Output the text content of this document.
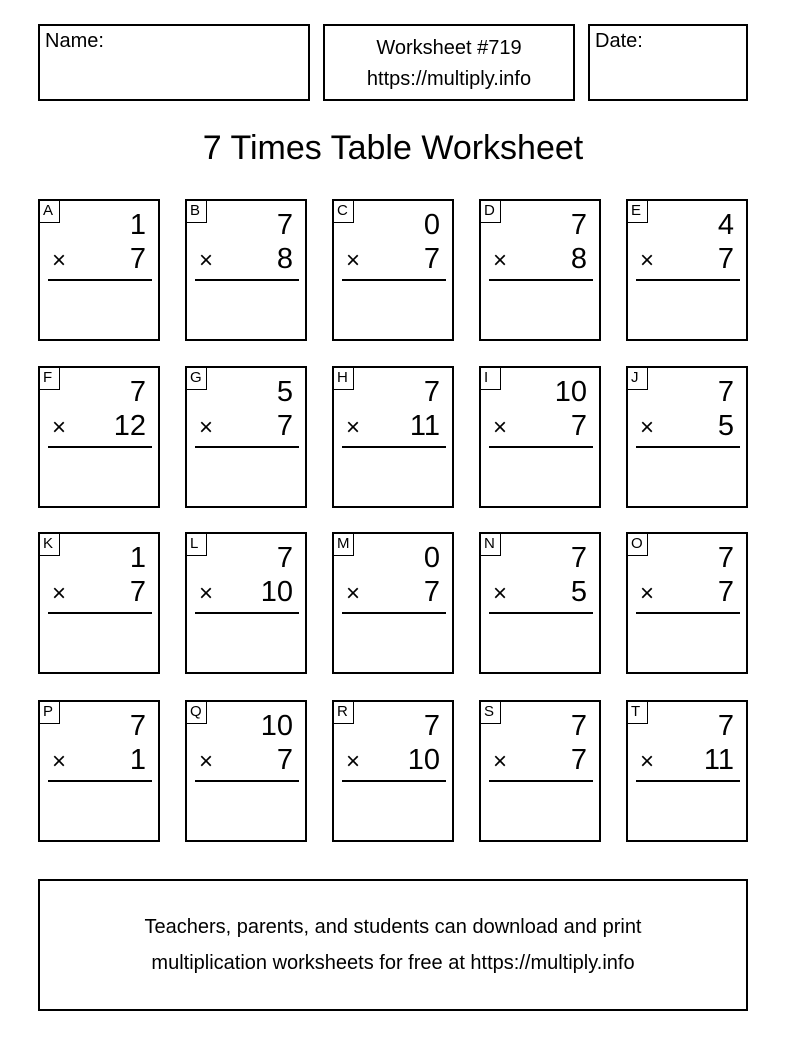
Name:	Worksheet #719
https://multiply.info
Date:
7 Times Table Worksheet
A	1
× 7
B	7
× 8
C	0
× 7
D	7
× 8
E	4
× 7
F	7
× 12
G	5
× 7
H	7
× 11
I	10
× 7
J	7
× 5
K	1
× 7
L	7
× 10
M	0
× 7
N	7
× 5
O	7
× 7
P	7
× 1
Q 10
× 7
R	7
× 10
S	7
× 7
T	7
× 11
Teachers, parents, and students can download and print
multiplication worksheets for free at https://multiply.info
